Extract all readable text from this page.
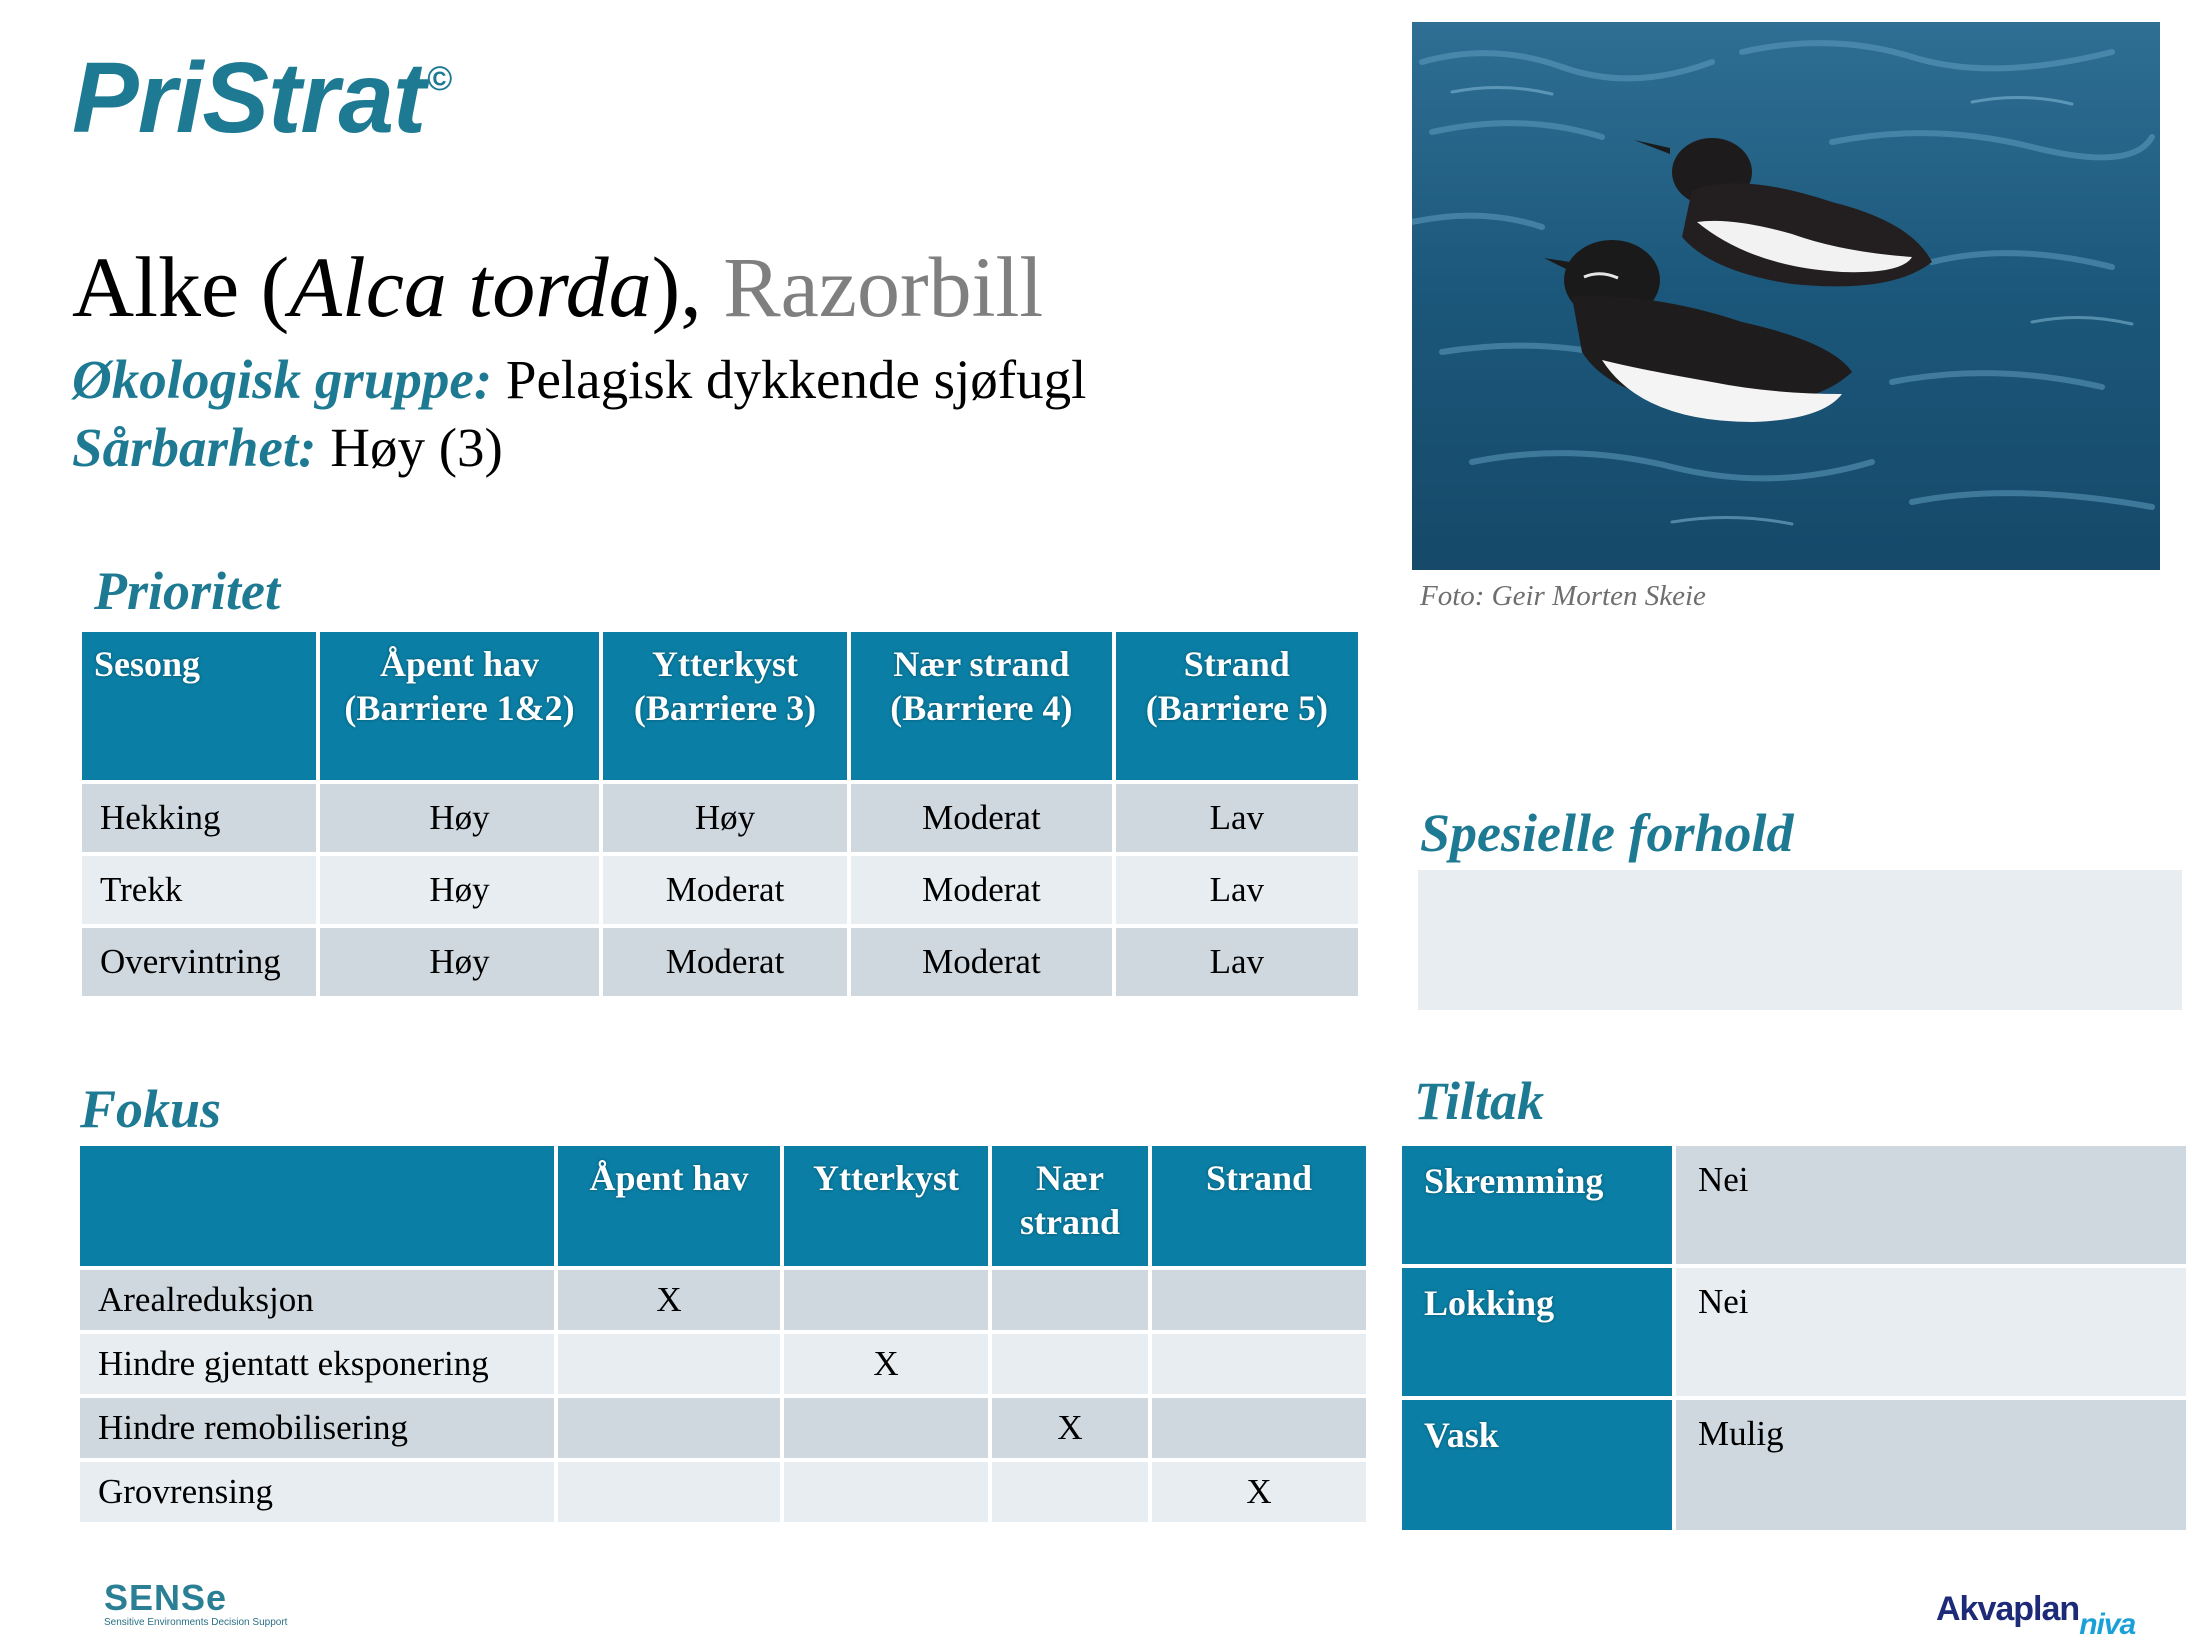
PriStrat©
Alke (Alca torda), Razorbill
Økologisk gruppe: Pelagisk dykkende sjøfugl
Sårbarhet: Høy (3)
Foto: Geir Morten Skeie
Prioritet
Sesong	Åpent hav (Barriere 1&2)	Ytterkyst (Barriere 3)	Nær strand (Barriere 4)	Strand (Barriere 5)
Hekking	Høy	Høy	Moderat	Lav
Trekk	Høy	Moderat	Moderat	Lav
Overvintring	Høy	Moderat	Moderat	Lav
Spesielle forhold
Fokus
	Åpent hav	Ytterkyst	Nær strand	Strand
Arealreduksjon	X			
Hindre gjentatt eksponering		X		
Hindre remobilisering			X	
Grovrensing				X
Tiltak
Skremming	Nei
Lokking	Nei
Vask	Mulig
SENSe
Sensitive Environments Decision Support	Akvaplanniva
